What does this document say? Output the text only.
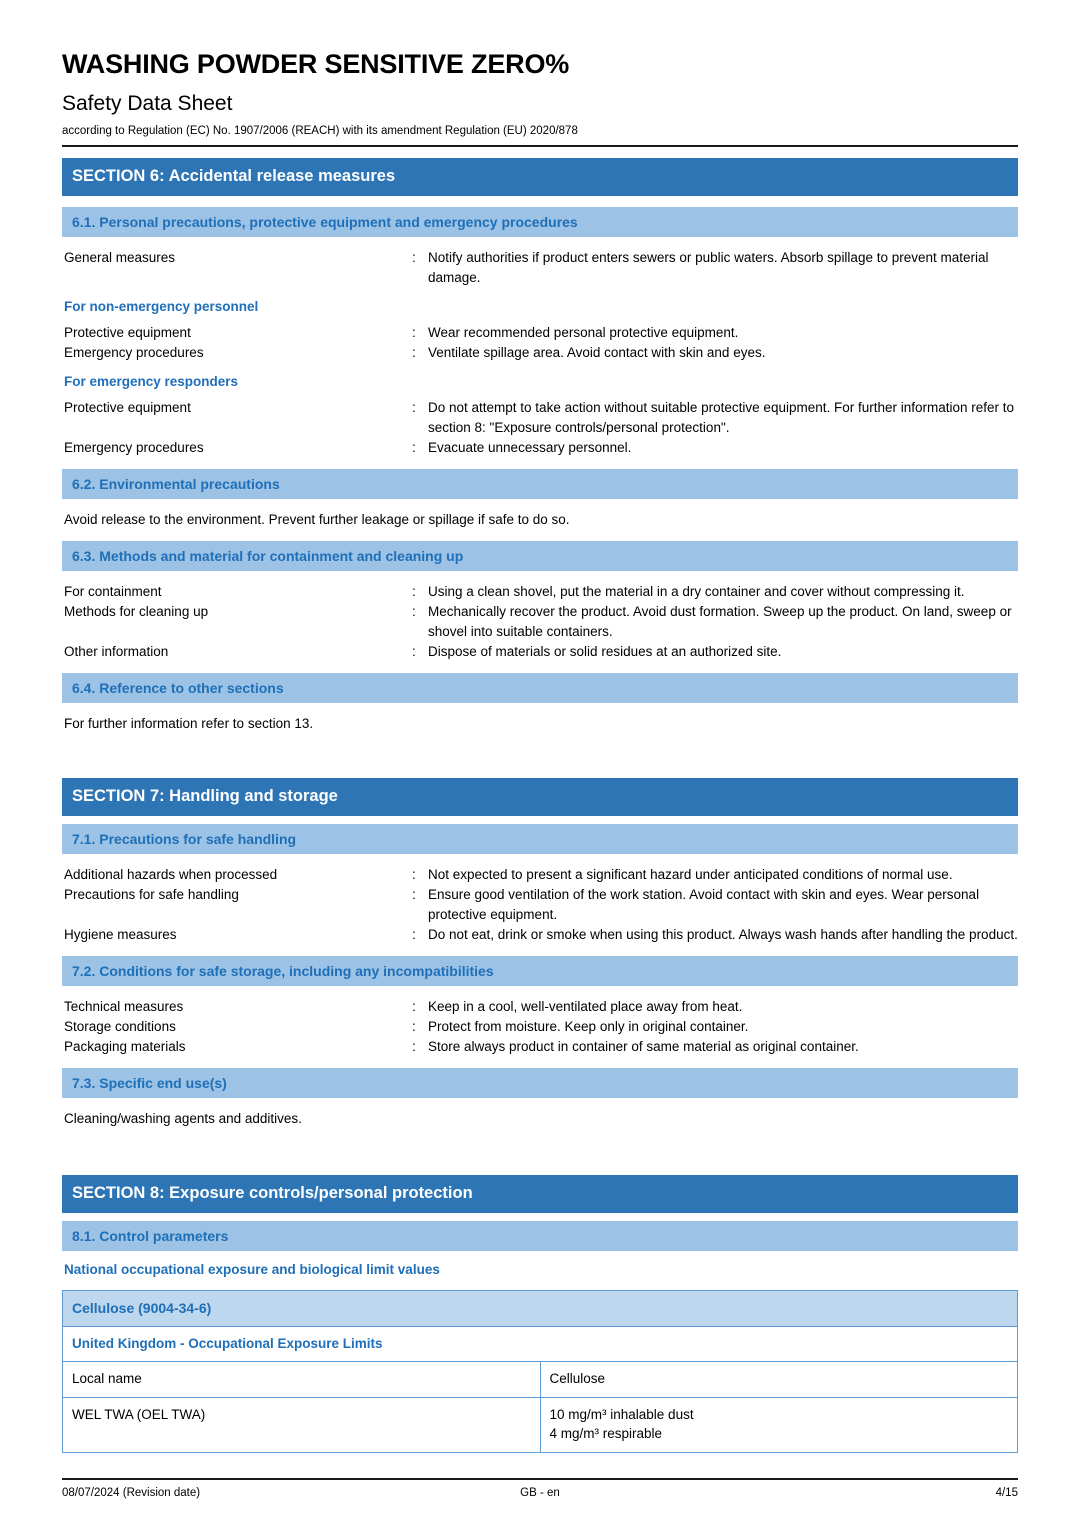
WASHING POWDER SENSITIVE ZERO%
Safety Data Sheet

according to Regulation (EC) No. 1907/2006 (REACH) with its amendment Regulation (EU) 2020/878

SECTION 6: Accidental release measures
6.1. Personal precautions, protective equipment and emergency procedures
General measures	: Notify authorities if product enters sewers or public waters. Absorb spillage to prevent material damage.
For non-emergency personnel
Protective equipment	: Wear recommended personal protective equipment.
Emergency procedures	: Ventilate spillage area. Avoid contact with skin and eyes.
For emergency responders
Protective equipment	: Do not attempt to take action without suitable protective equipment. For further information refer to section 8: "Exposure controls/personal protection".
Emergency procedures	: Evacuate unnecessary personnel.
6.2. Environmental precautions
Avoid release to the environment. Prevent further leakage or spillage if safe to do so.
6.3. Methods and material for containment and cleaning up
For containment	: Using a clean shovel, put the material in a dry container and cover without compressing it.
Methods for cleaning up	: Mechanically recover the product. Avoid dust formation. Sweep up the product. On land, sweep or shovel into suitable containers.
Other information	: Dispose of materials or solid residues at an authorized site.
6.4. Reference to other sections
For further information refer to section 13.
SECTION 7: Handling and storage
7.1. Precautions for safe handling
Additional hazards when processed	: Not expected to present a significant hazard under anticipated conditions of normal use.
Precautions for safe handling	: Ensure good ventilation of the work station. Avoid contact with skin and eyes. Wear personal protective equipment.
Hygiene measures	: Do not eat, drink or smoke when using this product. Always wash hands after handling the product.
7.2. Conditions for safe storage, including any incompatibilities
Technical measures	: Keep in a cool, well-ventilated place away from heat.
Storage conditions	: Protect from moisture. Keep only in original container.
Packaging materials	: Store always product in container of same material as original container.
7.3. Specific end use(s)
Cleaning/washing agents and additives.
SECTION 8: Exposure controls/personal protection
8.1. Control parameters
National occupational exposure and biological limit values
Cellulose (9004-34-6)	
United Kingdom - Occupational Exposure Limits	
Local name	Cellulose
WEL TWA (OEL TWA)	10 mg/m³ inhalable dust
4 mg/m³ respirable
08/07/2024 (Revision date)	GB - en	4/15
